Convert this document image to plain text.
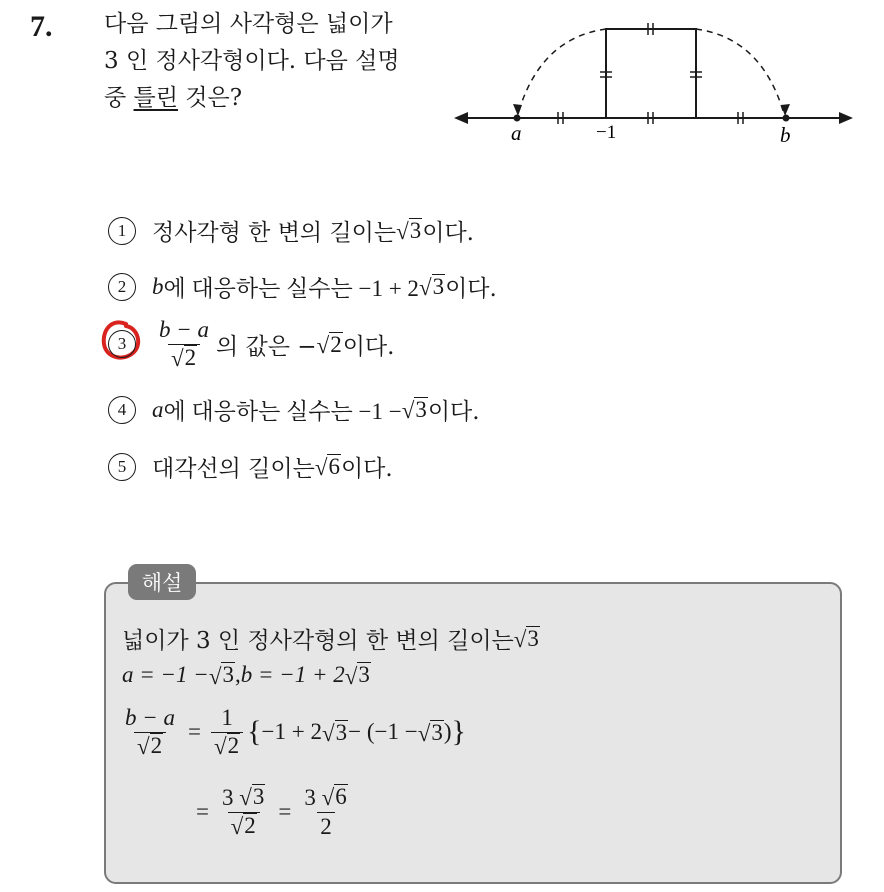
7. 다음 그림의 사각형은 넓이가
3 인 정사각형이다. 다음 설명
중 틀린 것은?
a	−1	b
1	정사각형 한 변의 길이는 √ 3 이다.
2	b 에 대응하는 실수는 −1 + 2 √ 3 이다.
3	$\frac{b - a}{√ 2}$ 의 값은 − √ 2 이다.
4	a 에 대응하는 실수는 −1 − √ 3 이다.
5	대각선의 길이는 √ 6 이다.
해설
넓이가 3 인 정사각형의 한 변의 길이는 √ 3
a = −1 − √ 3 , b = −1 + 2 √ 3
$\frac{b - a}{√ 2} = \frac{1}{√ 2}$ { −1 + 2 √ 3 − (−1 − √ 3 ) }
= $\frac{3 √ 3}{√ 2} = \frac{3 √ 6}{2}$
